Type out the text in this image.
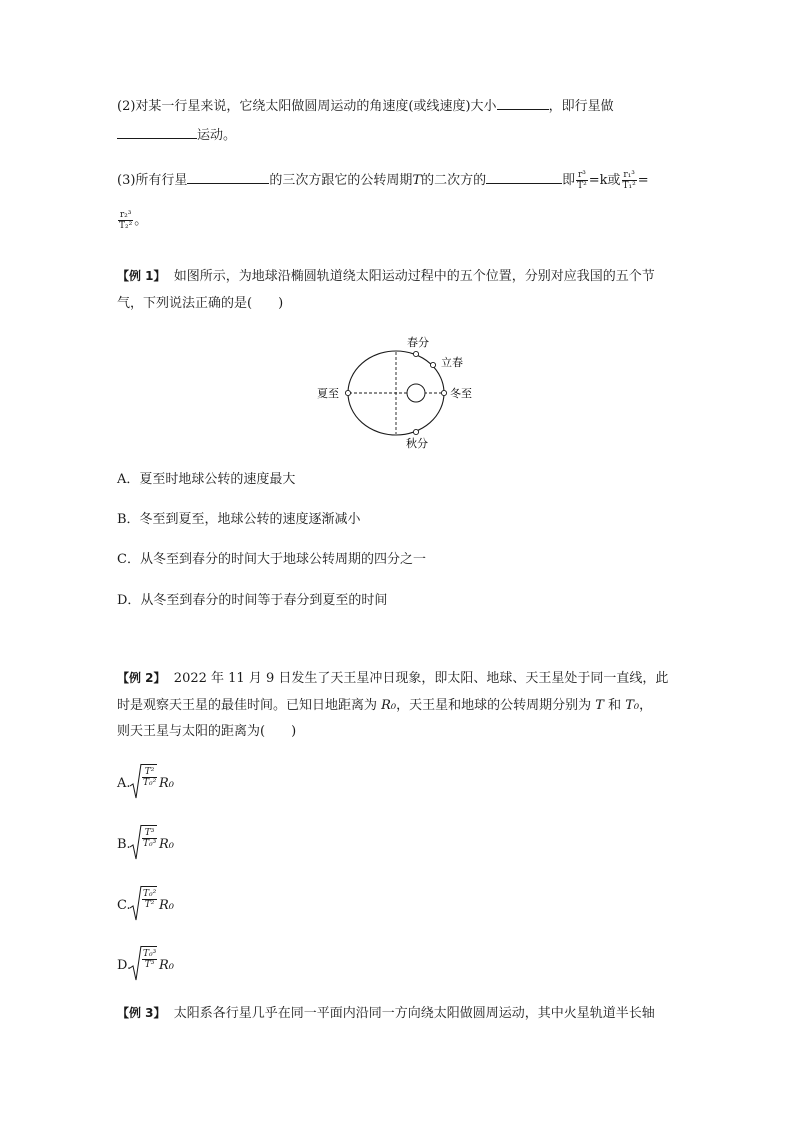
(2)对某一行星来说，它绕太阳做圆周运动的角速度(或线速度)大小	，即行星做
运动。
(3)所有行星	的三次方跟它的公转周期T的二次方的	即 $\frac{\text{r³}}{\text{T²}} =k$或 $\frac{\text{r₁³}}{\text{T₁²}}$ =
$\frac{\text{r₂³}}{\text{T₂²}}$ 。
【例 1】 如图所示，为地球沿椭圆轨道绕太阳运动过程中的五个位置，分别对应我国的五个节
气，下列说法正确的是(　　)
春分
立春
冬至
夏至
秋分
A．夏至时地球公转的速度最大
B．冬至到夏至，地球公转的速度逐渐减小
C．从冬至到春分的时间大于地球公转周期的四分之一
D．从冬至到春分的时间等于春分到夏至的时间
【例 2】 2022 年 11 月 9 日发生了天王星冲日现象，即太阳、地球、天王星处于同一直线，此
时是观察天王星的最佳时间。已知日地距离为 R₀，天王星和地球的公转周期分别为 T 和 T₀，
则天王星与太阳的距离为(　　)
A. $\frac{\text{T²}}{\text{T₀²}} R_0$
B. $\frac{\text{T³}}{\text{T₀³}} R_0$
C. $\frac{\text{T₀²}}{\text{T²}} R_0$
D. $\frac{\text{T₀³}}{\text{T³}} R_0$
【例 3】 太阳系各行星几乎在同一平面内沿同一方向绕太阳做圆周运动，其中火星轨道半长轴
